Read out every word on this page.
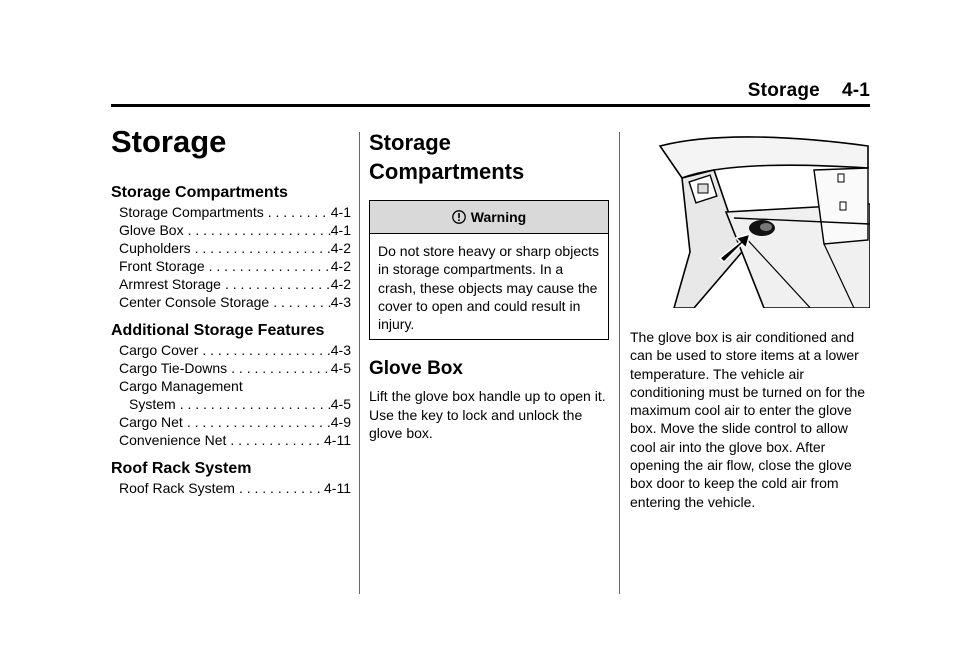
Storage 4-1
Storage
Storage Compartments
Storage Compartments . . .	4-1
Glove Box . . .	4-1
Cupholders . . .	4-2
Front Storage . . .	4-2
Armrest Storage . . .	4-2
Center Console Storage . . .	4-3
Additional Storage Features
Cargo Cover . . .	4-3
Cargo Tie-Downs . . .	4-5
Cargo Management
System . . .	4-5
Cargo Net . . .	4-9
Convenience Net . . .	4-11
Roof Rack System
Roof Rack System . . .	4-11
Storage
Compartments
Warning
Do not store heavy or sharp objects in storage compartments. In a crash, these objects may cause the cover to open and could result in injury.
Glove Box
Lift the glove box handle up to open it. Use the key to lock and unlock the glove box.
The glove box is air conditioned and can be used to store items at a lower temperature. The vehicle air conditioning must be turned on for the maximum cool air to enter the glove box. Move the slide control to allow cool air into the glove box. After opening the air flow, close the glove box door to keep the cold air from entering the vehicle.
